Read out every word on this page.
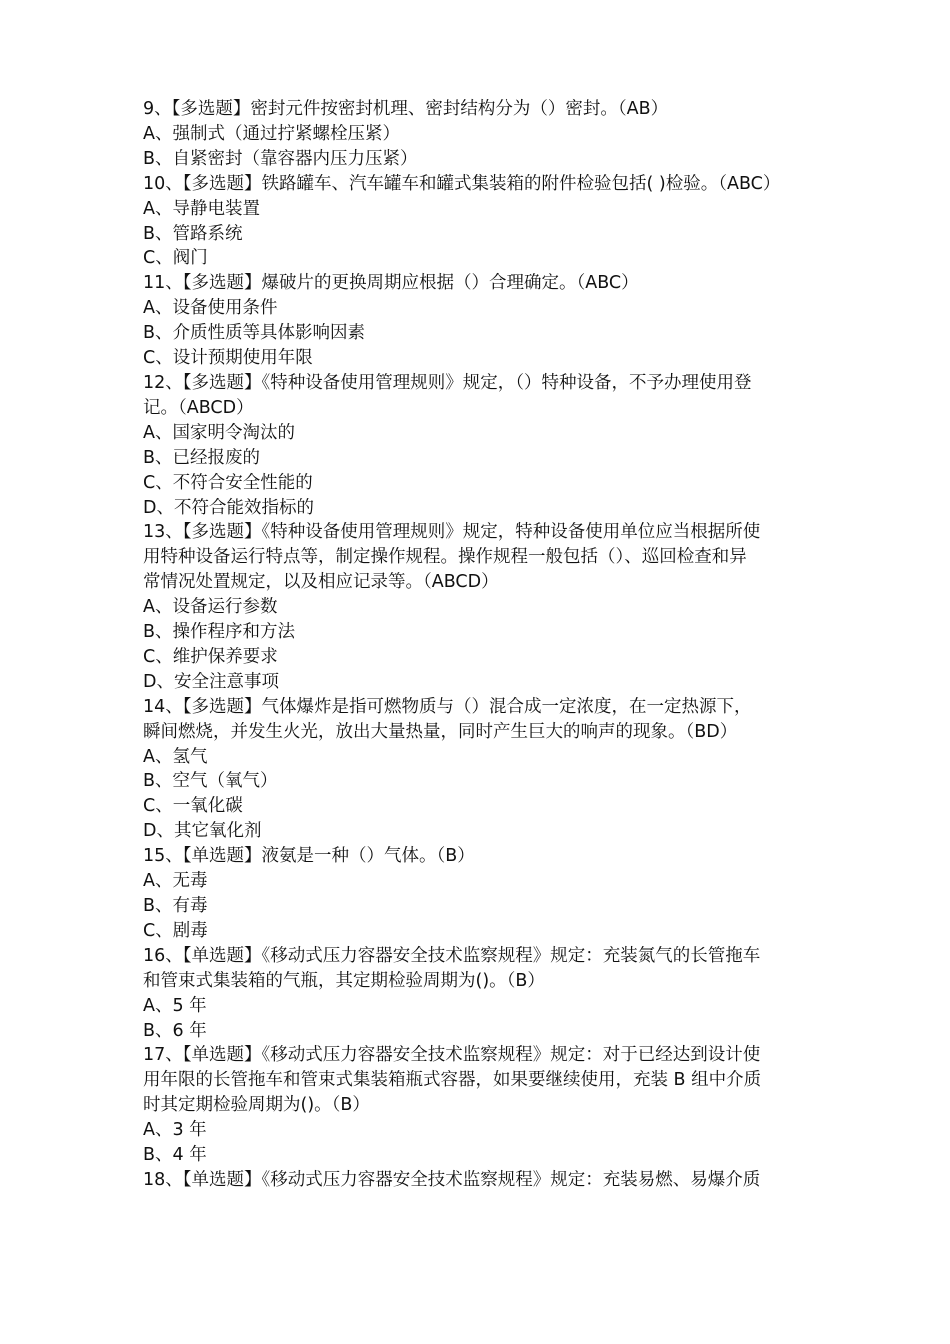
9、【多选题】密封元件按密封机理、密封结构分为（）密封。（AB）
A、强制式（通过拧紧螺栓压紧）
B、自紧密封（靠容器内压力压紧）
10、【多选题】铁路罐车、汽车罐车和罐式集装箱的附件检验包括( )检验。（ABC）
A、导静电装置
B、管路系统
C、阀门
11、【多选题】爆破片的更换周期应根据（）合理确定。（ABC）
A、设备使用条件
B、介质性质等具体影响因素
C、设计预期使用年限
12、【多选题】《特种设备使用管理规则》规定，（）特种设备，不予办理使用登
记。（ABCD）
A、国家明令淘汰的
B、已经报废的
C、不符合安全性能的
D、不符合能效指标的
13、【多选题】《特种设备使用管理规则》规定，特种设备使用单位应当根据所使
用特种设备运行特点等，制定操作规程。操作规程一般包括（）、巡回检查和异
常情况处置规定，以及相应记录等。（ABCD）
A、设备运行参数
B、操作程序和方法
C、维护保养要求
D、安全注意事项
14、【多选题】气体爆炸是指可燃物质与（）混合成一定浓度，在一定热源下，
瞬间燃烧，并发生火光，放出大量热量，同时产生巨大的响声的现象。（BD）
A、氢气
B、空气（氧气）
C、一氧化碳
D、其它氧化剂
15、【单选题】液氨是一种（）气体。（B）
A、无毒
B、有毒
C、剧毒
16、【单选题】《移动式压力容器安全技术监察规程》规定：充装氮气的长管拖车
和管束式集装箱的气瓶，其定期检验周期为()。（B）
A、5 年
B、6 年
17、【单选题】《移动式压力容器安全技术监察规程》规定：对于已经达到设计使
用年限的长管拖车和管束式集装箱瓶式容器，如果要继续使用，充装 B 组中介质
时其定期检验周期为()。（B）
A、3 年
B、4 年
18、【单选题】《移动式压力容器安全技术监察规程》规定：充装易燃、易爆介质
